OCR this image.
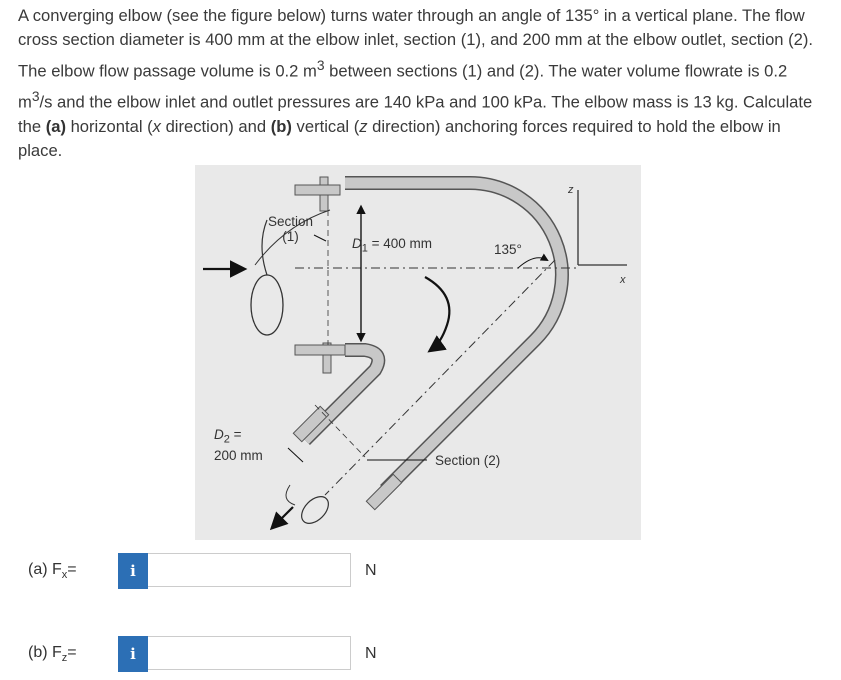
A converging elbow (see the figure below) turns water through an angle of 135° in a vertical plane. The flow cross section diameter is 400 mm at the elbow inlet, section (1), and 200 mm at the elbow outlet, section (2). The elbow flow passage volume is 0.2 $m^3$ between sections (1) and (2). The water volume flowrate is 0.2 $m^3/s$ and the elbow inlet and outlet pressures are 140 kPa and 100 kPa. The elbow mass is 13 kg. Calculate the (a) horizontal (x direction) and (b) vertical (z direction) anchoring forces required to hold the elbow in place.
Section
(1)	$D_1 = 400$ mm	135°
$D_2$ =
200 mm	Section (2)
z
x
(a) $F_x=$	i	N
(b) $F_z=$	i	N
